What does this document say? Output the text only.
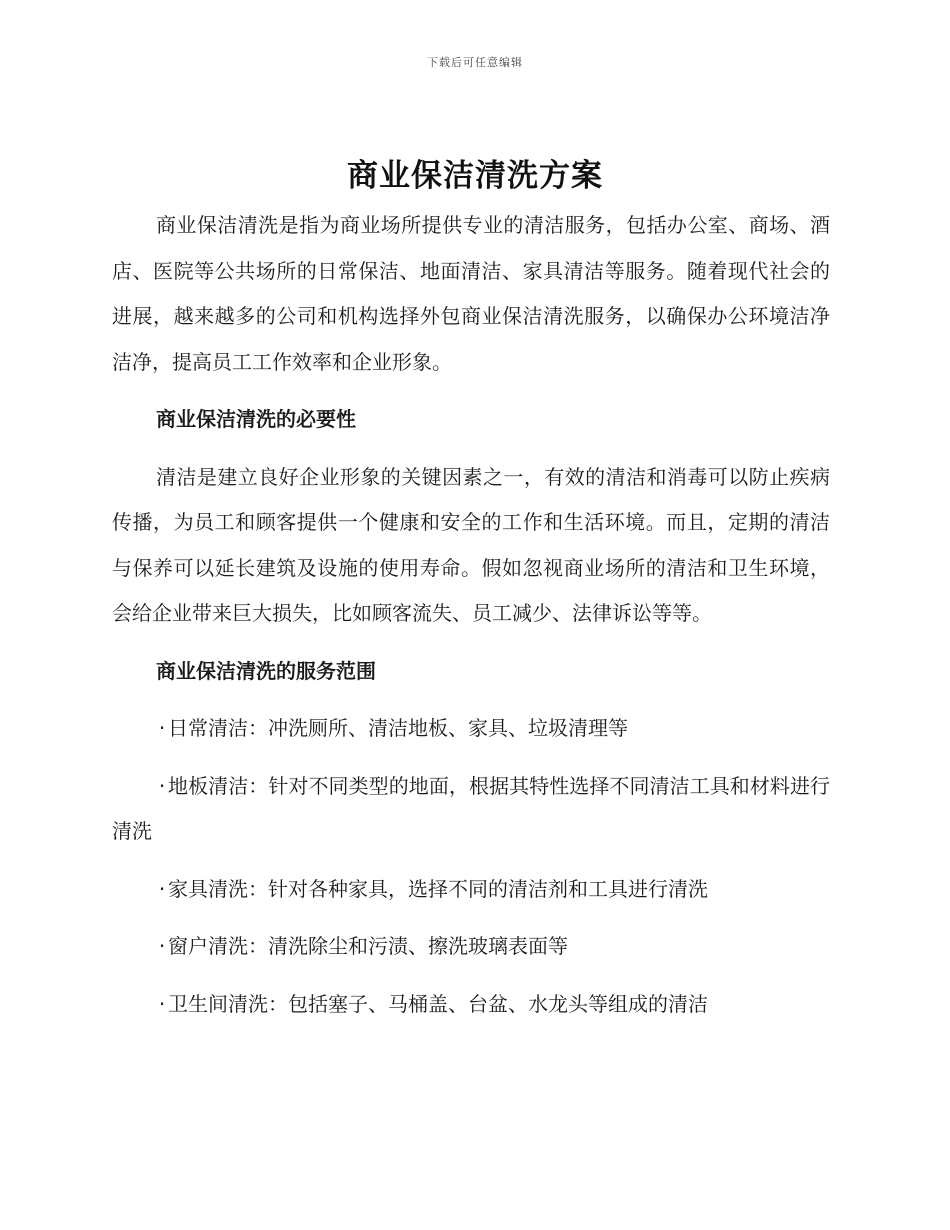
下载后可任意编辑
商业保洁清洗方案

商业保洁清洗是指为商业场所提供专业的清洁服务，包括办公室、商场、酒店、医院等公共场所的日常保洁、地面清洁、家具清洁等服务。随着现代社会的进展，越来越多的公司和机构选择外包商业保洁清洗服务，以确保办公环境洁净洁净，提高员工工作效率和企业形象。

商业保洁清洗的必要性

清洁是建立良好企业形象的关键因素之一，有效的清洁和消毒可以防止疾病传播，为员工和顾客提供一个健康和安全的工作和生活环境。而且，定期的清洁与保养可以延长建筑及设施的使用寿命。假如忽视商业场所的清洁和卫生环境，会给企业带来巨大损失，比如顾客流失、员工减少、法律诉讼等等。

商业保洁清洗的服务范围

· 日常清洁：冲洗厕所、清洁地板、家具、垃圾清理等

· 地板清洁：针对不同类型的地面，根据其特性选择不同清洁工具和材料进行清洗

· 家具清洗：针对各种家具，选择不同的清洁剂和工具进行清洗

· 窗户清洗：清洗除尘和污渍、擦洗玻璃表面等

· 卫生间清洗：包括塞子、马桶盖、台盆、水龙头等组成的清洁
